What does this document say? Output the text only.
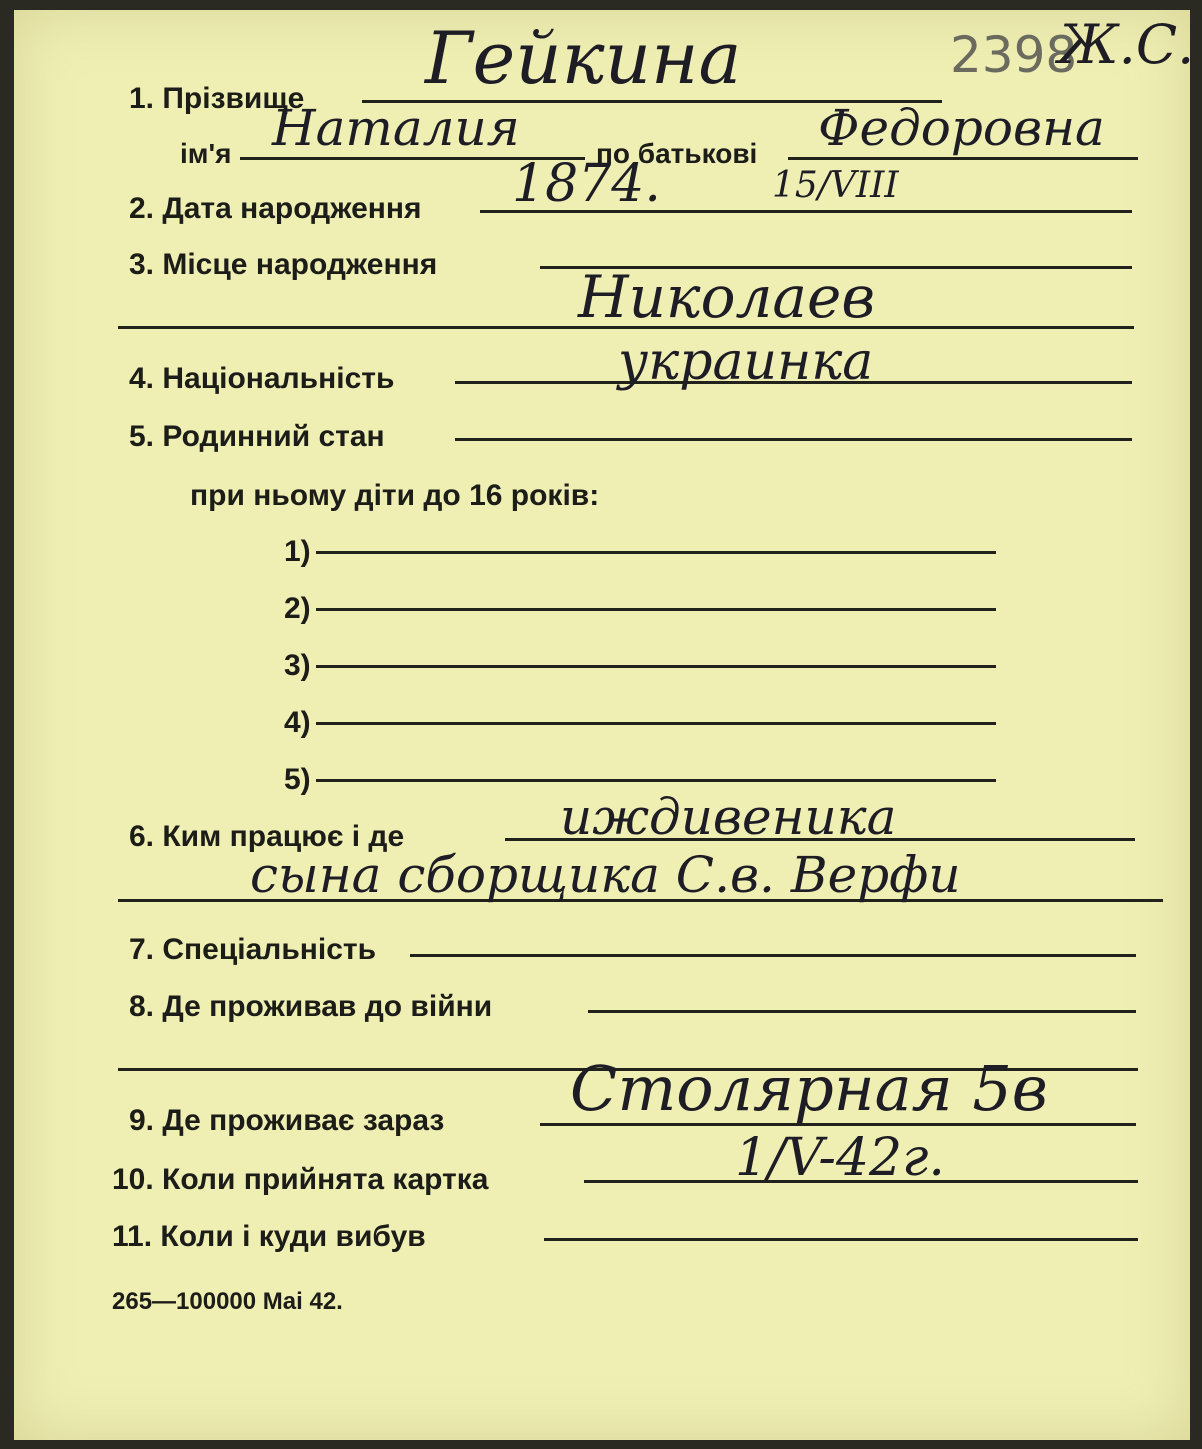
1. Прізвище Гейкина	2398
Ж.С.
ім'я Наталия	по батькові Федоровна
2. Дата народження 1874.	15/VIII
3. Місце народження Николаев
4. Національність	украинка
5. Родинний стан
при ньому діти до 16 років:
1)
2)
3)
4)
5)
6. Ким працює і де	иждивеника
сына сборщика С.в. Верфи
7. Спеціальність
8. Де проживав до війни
9. Де проживає зараз Столярная 5в
10. Коли прийнята картка	1/V-42г.
11. Коли і куди вибув
265—100000 Mai 42.
